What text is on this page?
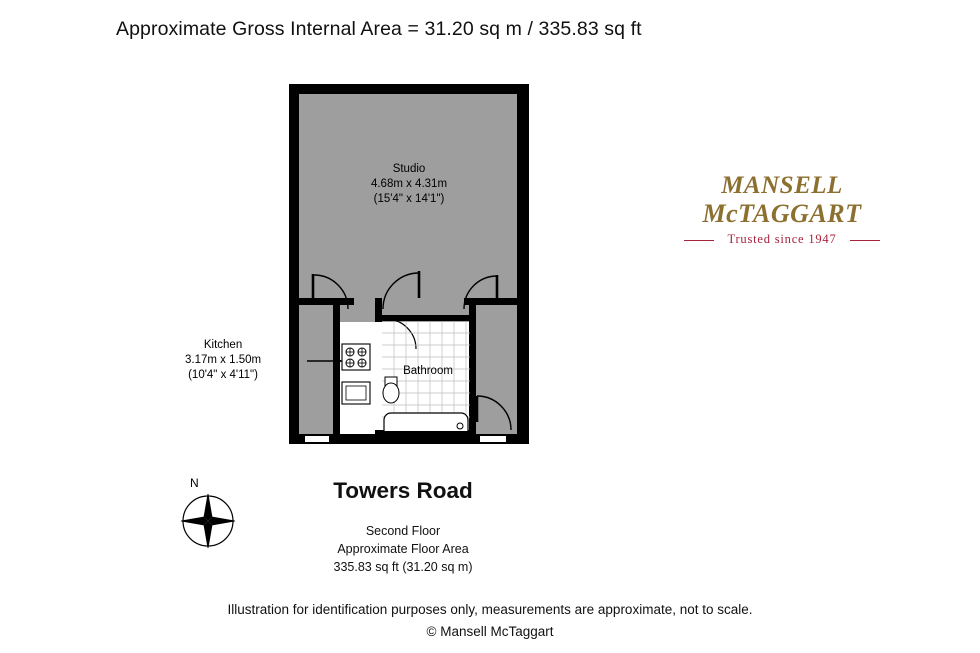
Approximate Gross Internal Area = 31.20 sq m / 335.83 sq ft
Studio
4.68m x 4.31m
(15'4" x 14'1")
Bathroom
Kitchen
3.17m x 1.50m
(10'4" x 4'11")
MANSELL
McTAGGART
Trusted since 1947
N	Towers Road
Second Floor
Approximate Floor Area
335.83 sq ft (31.20 sq m)
Illustration for identification purposes only, measurements are approximate, not to scale.
© Mansell McTaggart
